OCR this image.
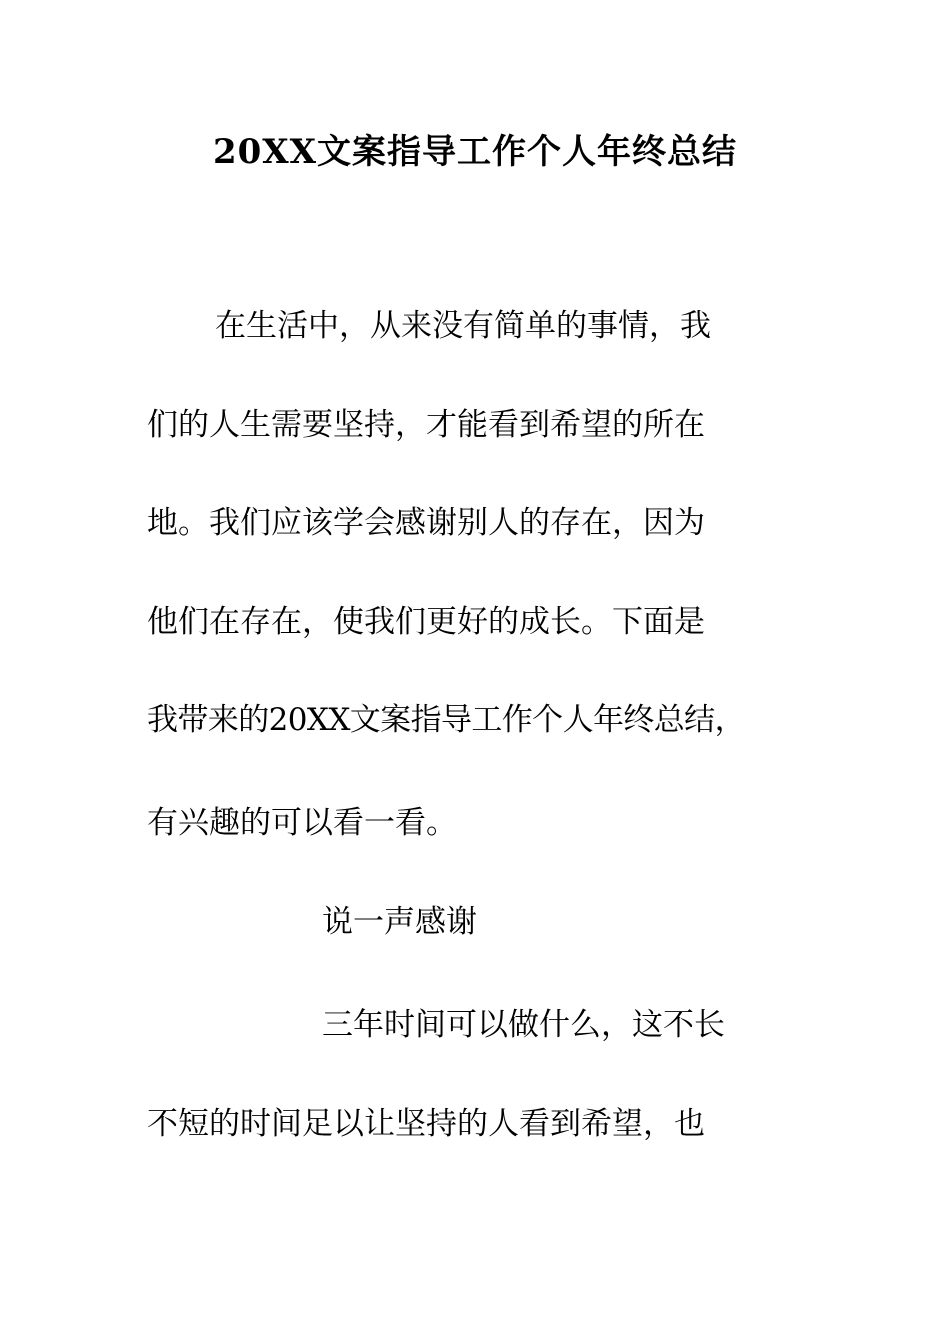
20XX文案指导工作个人年终总结
在生活中，从来没有简单的事情，我
们的人生需要坚持，才能看到希望的所在
地。我们应该学会感谢别人的存在，因为
他们在存在，使我们更好的成长。下面是
我带来的20XX文案指导工作个人年终总结，
有兴趣的可以看一看。
说一声感谢
三年时间可以做什么，这不长
不短的时间足以让坚持的人看到希望，也
